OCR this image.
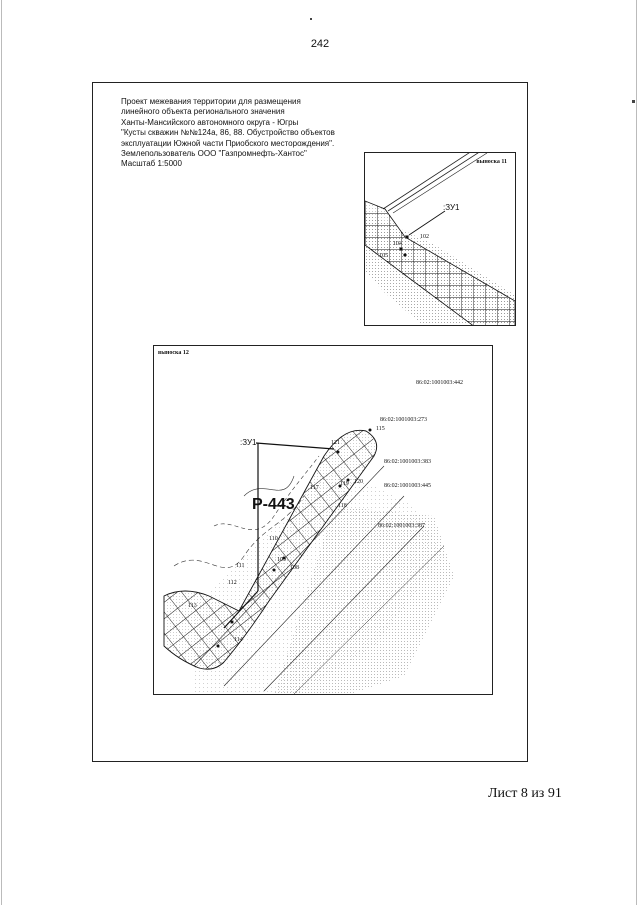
242
Проект межевания территории для размещения
линейного объекта регионального значения
Ханты-Мансийского автономного округа - Югры
"Кусты скважин №№124а, 86, 88. Обустройство объектов
эксплуатации Южной части Приобского месторождения".
Землепользователь ООО "Газпромнефть-Хантос"
Масштаб 1:5000	выноска 11
:ЗУ1
102
104
105
выноска 12
86:02:1001003:442
86:02:1001003:273
86:02:1001003:383
86:02:1001003:445
86:02:1001003:387
:ЗУ1
Р-443
115
121
120
119
117
118
110
109
108
111
112
113
114
Лист 8 из 91
